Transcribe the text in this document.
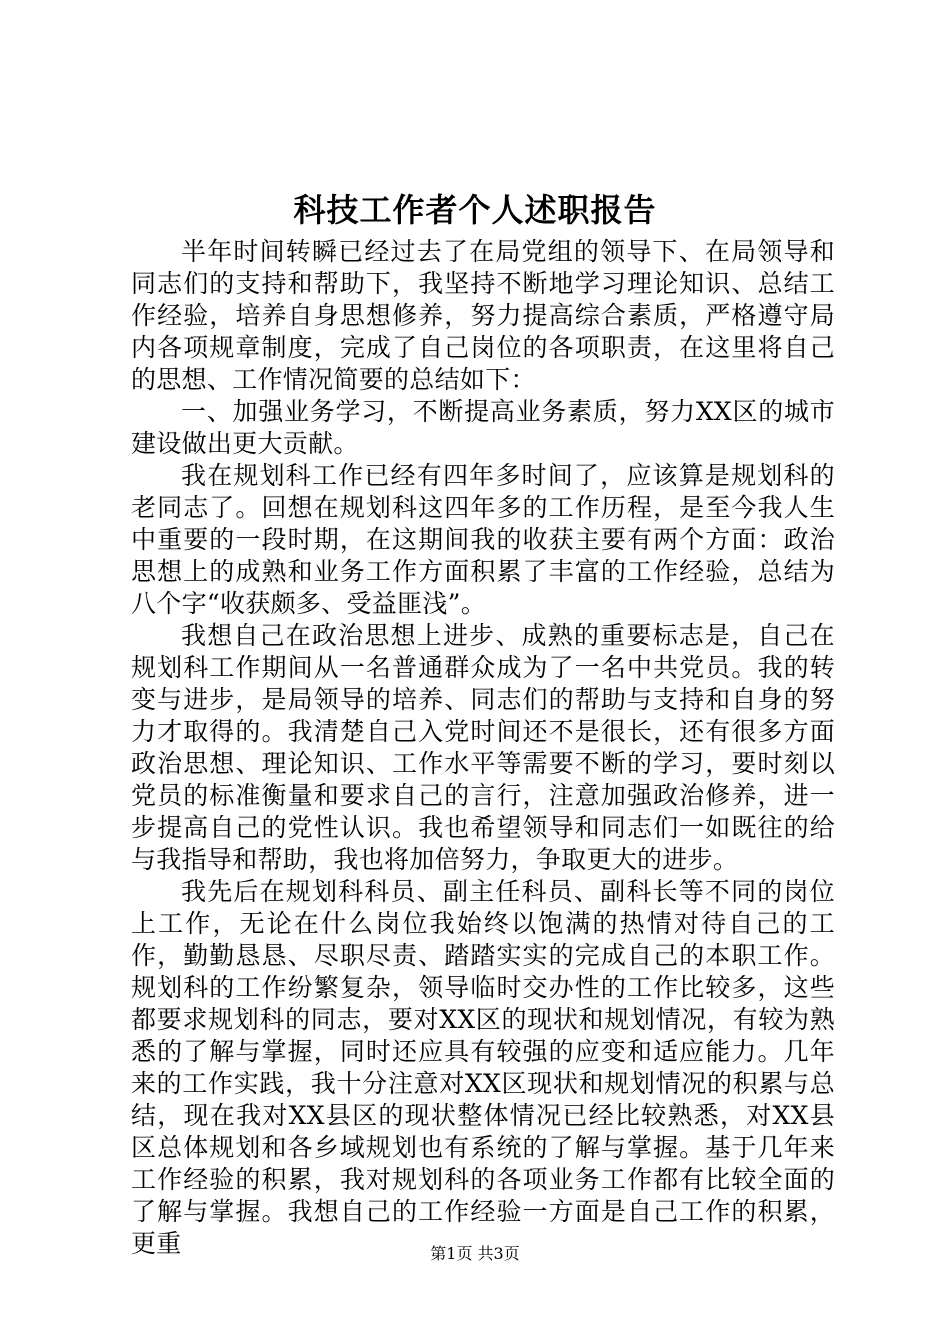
科技工作者个人述职报告

半年时间转瞬已经过去了在局党组的领导下、在局领导和同志们的支持和帮助下，我坚持不断地学习理论知识、总结工作经验，培养自身思想修养，努力提高综合素质，严格遵守局内各项规章制度，完成了自己岗位的各项职责，在这里将自己的思想、工作情况简要的总结如下：

一、加强业务学习，不断提高业务素质，努力XX区的城市建设做出更大贡献。

我在规划科工作已经有四年多时间了，应该算是规划科的老同志了。回想在规划科这四年多的工作历程，是至今我人生中重要的一段时期，在这期间我的收获主要有两个方面：政治思想上的成熟和业务工作方面积累了丰富的工作经验，总结为八个字“收获颇多、受益匪浅”。

我想自己在政治思想上进步、成熟的重要标志是，自己在规划科工作期间从一名普通群众成为了一名中共党员。我的转变与进步，是局领导的培养、同志们的帮助与支持和自身的努力才取得的。我清楚自己入党时间还不是很长，还有很多方面政治思想、理论知识、工作水平等需要不断的学习，要时刻以党员的标准衡量和要求自己的言行，注意加强政治修养，进一步提高自己的党性认识。我也希望领导和同志们一如既往的给与我指导和帮助，我也将加倍努力，争取更大的进步。

我先后在规划科科员、副主任科员、副科长等不同的岗位上工作，无论在什么岗位我始终以饱满的热情对待自己的工作，勤勤恳恳、尽职尽责、踏踏实实的完成自己的本职工作。规划科的工作纷繁复杂，领导临时交办性的工作比较多，这些都要求规划科的同志，要对XX区的现状和规划情况，有较为熟悉的了解与掌握，同时还应具有较强的应变和适应能力。几年来的工作实践，我十分注意对XX区现状和规划情况的积累与总结，现在我对XX县区的现状整体情况已经比较熟悉，对XX县区总体规划和各乡域规划也有系统的了解与掌握。基于几年来工作经验的积累，我对规划科的各项业务工作都有比较全面的了解与掌握。我想自己的工作经验一方面是自己工作的积累，更重	第1页 共3页
